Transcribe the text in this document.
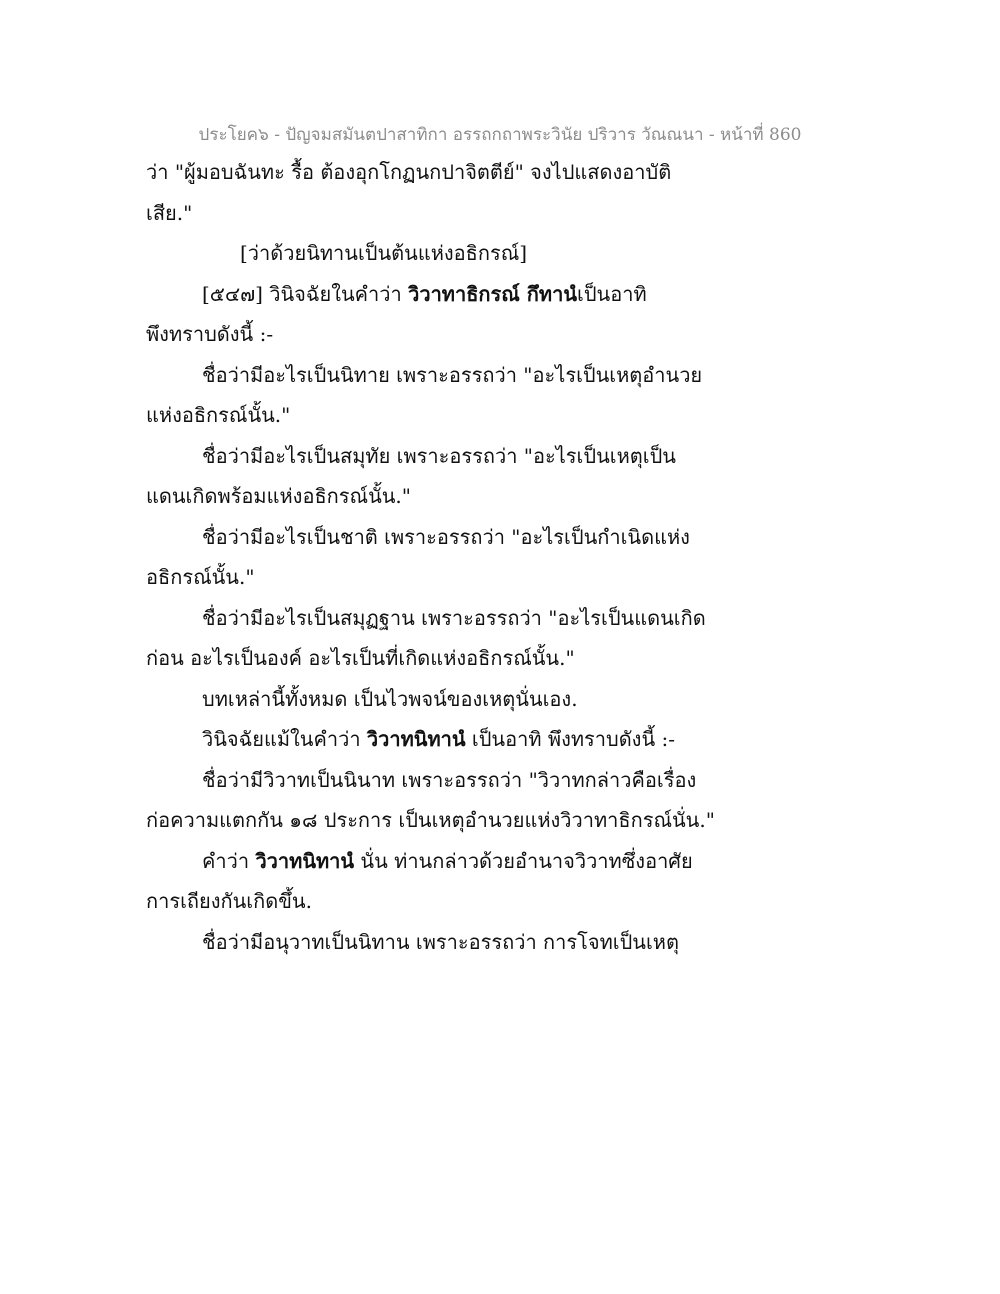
ประโยค๖ - ปัญจมสมันตปาสาทิกา อรรถกถาพระวินัย ปริวาร วัณณนา - หน้าที่ 860
ว่า "ผู้มอบฉันทะ รื้อ ต้องอุกโกฏนกปาจิตตีย์" จงไปแสดงอาบัติ
เสีย."
[ว่าด้วยนิทานเป็นต้นแห่งอธิกรณ์]
[๕๔๗] วินิจฉัยในคำว่า วิวาทาธิกรณ์ กึทานํเป็นอาทิ
พึงทราบดังนี้ :-
ชื่อว่ามีอะไรเป็นนิทาย เพราะอรรถว่า "อะไรเป็นเหตุอำนวย
แห่งอธิกรณ์นั้น."
ชื่อว่ามีอะไรเป็นสมุทัย เพราะอรรถว่า "อะไรเป็นเหตุเป็น
แดนเกิดพร้อมแห่งอธิกรณ์นั้น."
ชื่อว่ามีอะไรเป็นชาติ เพราะอรรถว่า "อะไรเป็นกำเนิดแห่ง
อธิกรณ์นั้น."
ชื่อว่ามีอะไรเป็นสมุฏฐาน เพราะอรรถว่า "อะไรเป็นแดนเกิด
ก่อน อะไรเป็นองค์ อะไรเป็นที่เกิดแห่งอธิกรณ์นั้น."
บทเหล่านี้ทั้งหมด เป็นไวพจน์ของเหตุนั่นเอง.
วินิจฉัยแม้ในคำว่า วิวาทนิทานํ เป็นอาทิ พึงทราบดังนี้ :-
ชื่อว่ามีวิวาทเป็นนินาท เพราะอรรถว่า "วิวาทกล่าวคือเรื่อง
ก่อความแตกกัน ๑๘ ประการ เป็นเหตุอำนวยแห่งวิวาทาธิกรณ์นั่น."
คำว่า วิวาทนิทานํ นั่น ท่านกล่าวด้วยอำนาจวิวาทซึ่งอาศัย
การเถียงกันเกิดขึ้น.
ชื่อว่ามีอนุวาทเป็นนิทาน เพราะอรรถว่า การโจทเป็นเหตุ
